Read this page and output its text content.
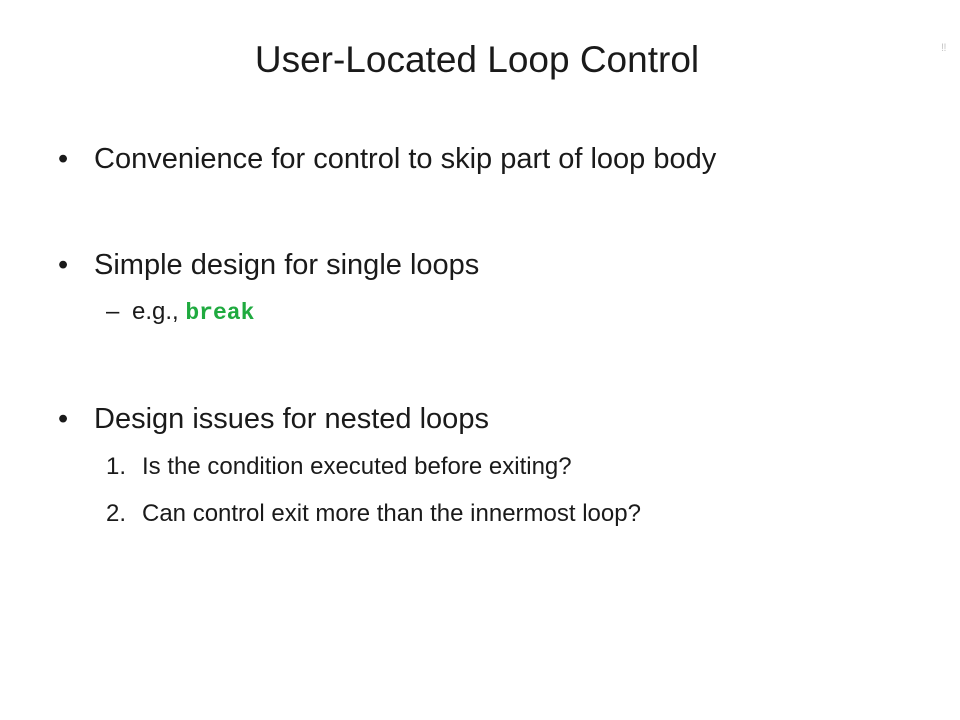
User-Located Loop Control	‼
• Convenience for control to skip part of loop body
• Simple design for single loops
– e.g., break
• Design issues for nested loops
1. Is the condition executed before exiting?
2. Can control exit more than the innermost loop?
